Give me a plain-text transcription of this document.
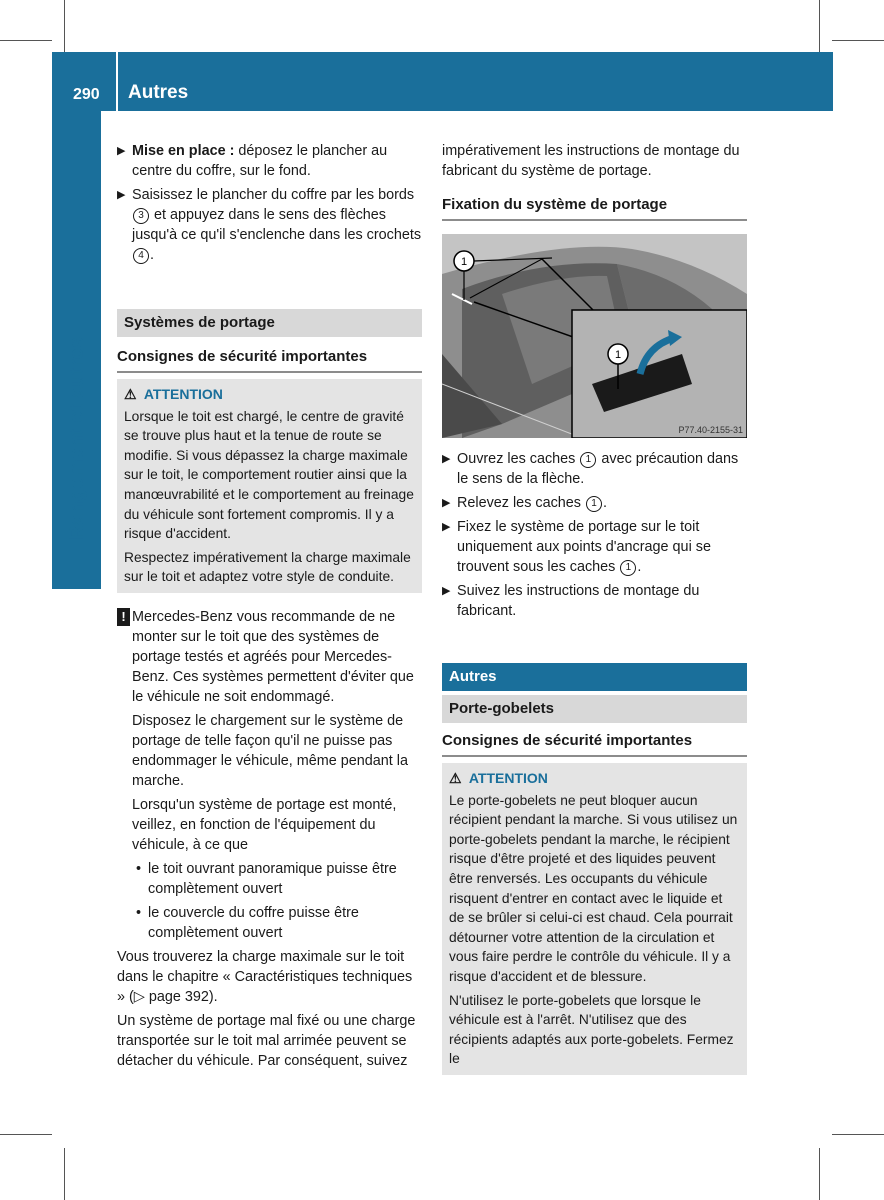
290 Autres
Rangement et autres
▶ Mise en place : déposez le plancher au centre du coffre, sur le fond.
▶ Saisissez le plancher du coffre par les bords 3 et appuyez dans le sens des flèches jusqu'à ce qu'il s'enclenche dans les crochets 4 .
Systèmes de portage
Consignes de sécurité importantes
⚠ ATTENTION

Lorsque le toit est chargé, le centre de gravité se trouve plus haut et la tenue de route se modifie. Si vous dépassez la charge maximale sur le toit, le comportement routier ainsi que la manœuvrabilité et le comportement au freinage du véhicule sont fortement compromis. Il y a risque d'accident.

Respectez impérativement la charge maximale sur le toit et adaptez votre style de conduite.

! Mercedes-Benz vous recommande de ne monter sur le toit que des systèmes de portage testés et agréés pour Mercedes-Benz. Ces systèmes permettent d'éviter que le véhicule ne soit endommagé.

Disposez le chargement sur le système de portage de telle façon qu'il ne puisse pas endommager le véhicule, même pendant la marche.

Lorsqu'un système de portage est monté, veillez, en fonction de l'équipement du véhicule, à ce que

• le toit ouvrant panoramique puisse être complètement ouvert
• le couvercle du coffre puisse être complètement ouvert

Vous trouverez la charge maximale sur le toit dans le chapitre « Caractéristiques techniques » (▷ page 392).

Un système de portage mal fixé ou une charge transportée sur le toit mal arrimée peuvent se détacher du véhicule. Par conséquent, suivez

impérativement les instructions de montage du fabricant du système de portage.

Fixation du système de portage
1
1
P77.40-2155-31
▶ Ouvrez les caches 1 avec précaution dans le sens de la flèche.
▶ Relevez les caches 1 .
▶ Fixez le système de portage sur le toit uniquement aux points d'ancrage qui se trouvent sous les caches 1 .
▶ Suivez les instructions de montage du fabricant.
Autres
Porte-gobelets
Consignes de sécurité importantes
⚠ ATTENTION

Le porte-gobelets ne peut bloquer aucun récipient pendant la marche. Si vous utilisez un porte-gobelets pendant la marche, le récipient risque d'être projeté et des liquides peuvent être renversés. Les occupants du véhicule risquent d'entrer en contact avec le liquide et de se brûler si celui-ci est chaud. Cela pourrait détourner votre attention de la circulation et vous faire perdre le contrôle du véhicule. Il y a risque d'accident et de blessure.

N'utilisez le porte-gobelets que lorsque le véhicule est à l'arrêt. N'utilisez que des récipients adaptés aux porte-gobelets. Fermez le
